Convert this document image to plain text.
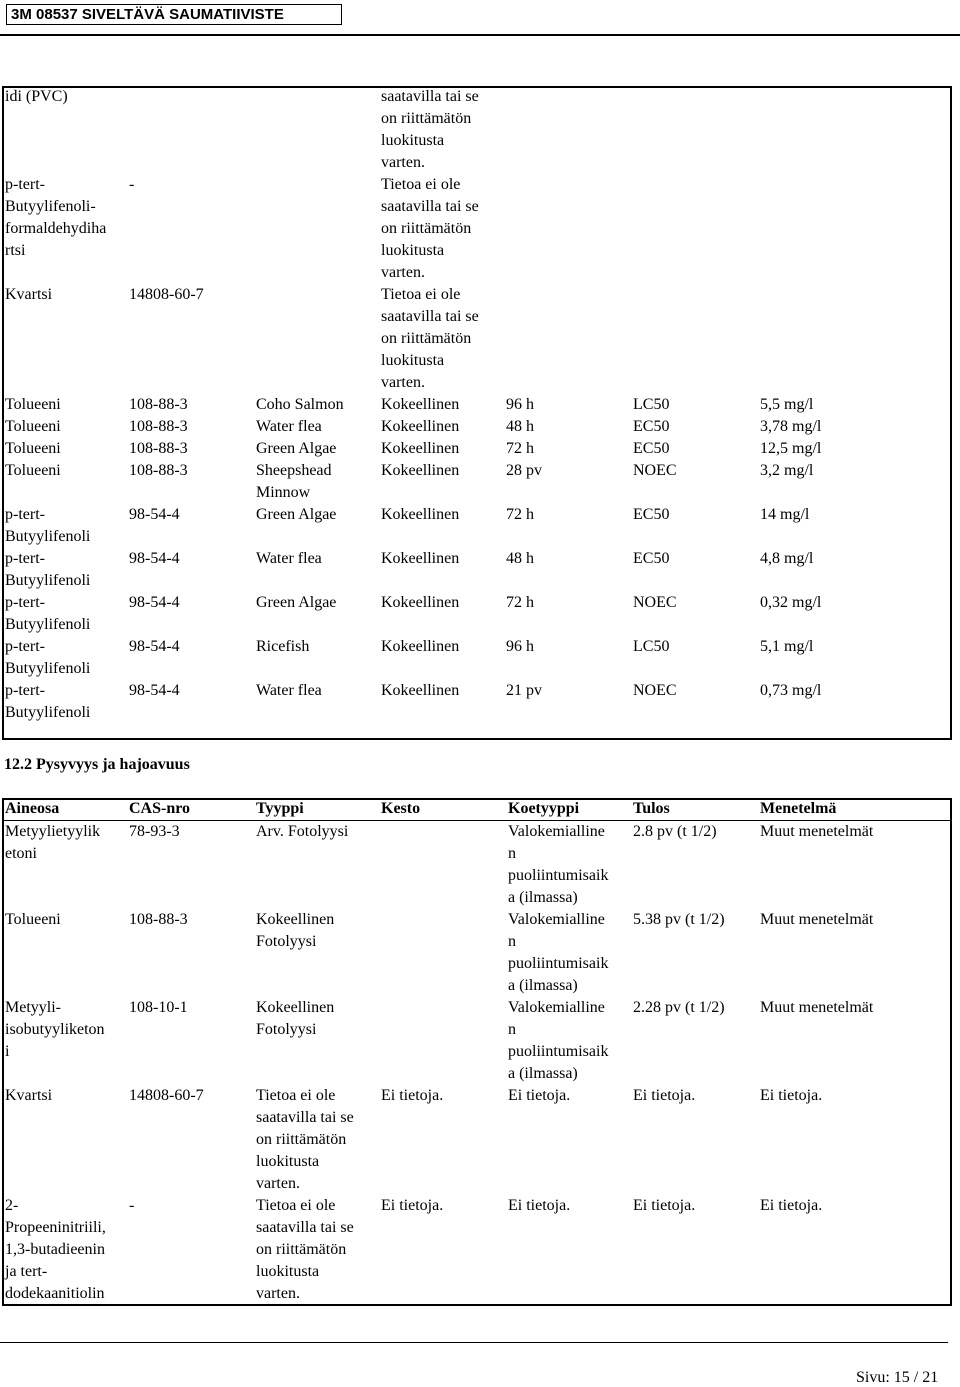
3M 08537 SIVELTÄVÄ SAUMATIIVISTE
idi (PVC)			saatavilla tai se
on riittämätön
luokitusta
varten.			
p-tert-
Butyylifenoli-
formaldehydiha
rtsi	-		Tietoa ei ole
saatavilla tai se
on riittämätön
luokitusta
varten.			
Kvartsi	14808-60-7		Tietoa ei ole
saatavilla tai se
on riittämätön
luokitusta
varten.			
Tolueeni	108-88-3	Coho Salmon	Kokeellinen	96 h	LC50	5,5 mg/l
Tolueeni	108-88-3	Water flea	Kokeellinen	48 h	EC50	3,78 mg/l
Tolueeni	108-88-3	Green Algae	Kokeellinen	72 h	EC50	12,5 mg/l
Tolueeni	108-88-3	Sheepshead
Minnow	Kokeellinen	28 pv	NOEC	3,2 mg/l
p-tert-
Butyylifenoli	98-54-4	Green Algae	Kokeellinen	72 h	EC50	14 mg/l
p-tert-
Butyylifenoli	98-54-4	Water flea	Kokeellinen	48 h	EC50	4,8 mg/l
p-tert-
Butyylifenoli	98-54-4	Green Algae	Kokeellinen	72 h	NOEC	0,32 mg/l
p-tert-
Butyylifenoli	98-54-4	Ricefish	Kokeellinen	96 h	LC50	5,1 mg/l
p-tert-
Butyylifenoli	98-54-4	Water flea	Kokeellinen	21 pv	NOEC	0,73 mg/l
12.2 Pysyvyys ja hajoavuus
Aineosa	CAS-nro	Tyyppi	Kesto	Koetyyppi	Tulos	Menetelmä
Metyylietyylik
etoni	78-93-3	Arv. Fotolyysi		Valokemialline
n
puoliintumisaik
a (ilmassa)	2.8 pv (t 1/2)	Muut menetelmät
Tolueeni	108-88-3	Kokeellinen
Fotolyysi		Valokemialline
n
puoliintumisaik
a (ilmassa)	5.38 pv (t 1/2)	Muut menetelmät
Metyyli-
isobutyyliketon
i	108-10-1	Kokeellinen
Fotolyysi		Valokemialline
n
puoliintumisaik
a (ilmassa)	2.28 pv (t 1/2)	Muut menetelmät
Kvartsi	14808-60-7	Tietoa ei ole
saatavilla tai se
on riittämätön
luokitusta
varten.	Ei tietoja.	Ei tietoja.	Ei tietoja.	Ei tietoja.
2-
Propeeninitriili,
1,3-butadieenin
ja tert-
dodekaanitiolin	-	Tietoa ei ole
saatavilla tai se
on riittämätön
luokitusta
varten.	Ei tietoja.	Ei tietoja.	Ei tietoja.	Ei tietoja.
Sivu: 15 / 21
